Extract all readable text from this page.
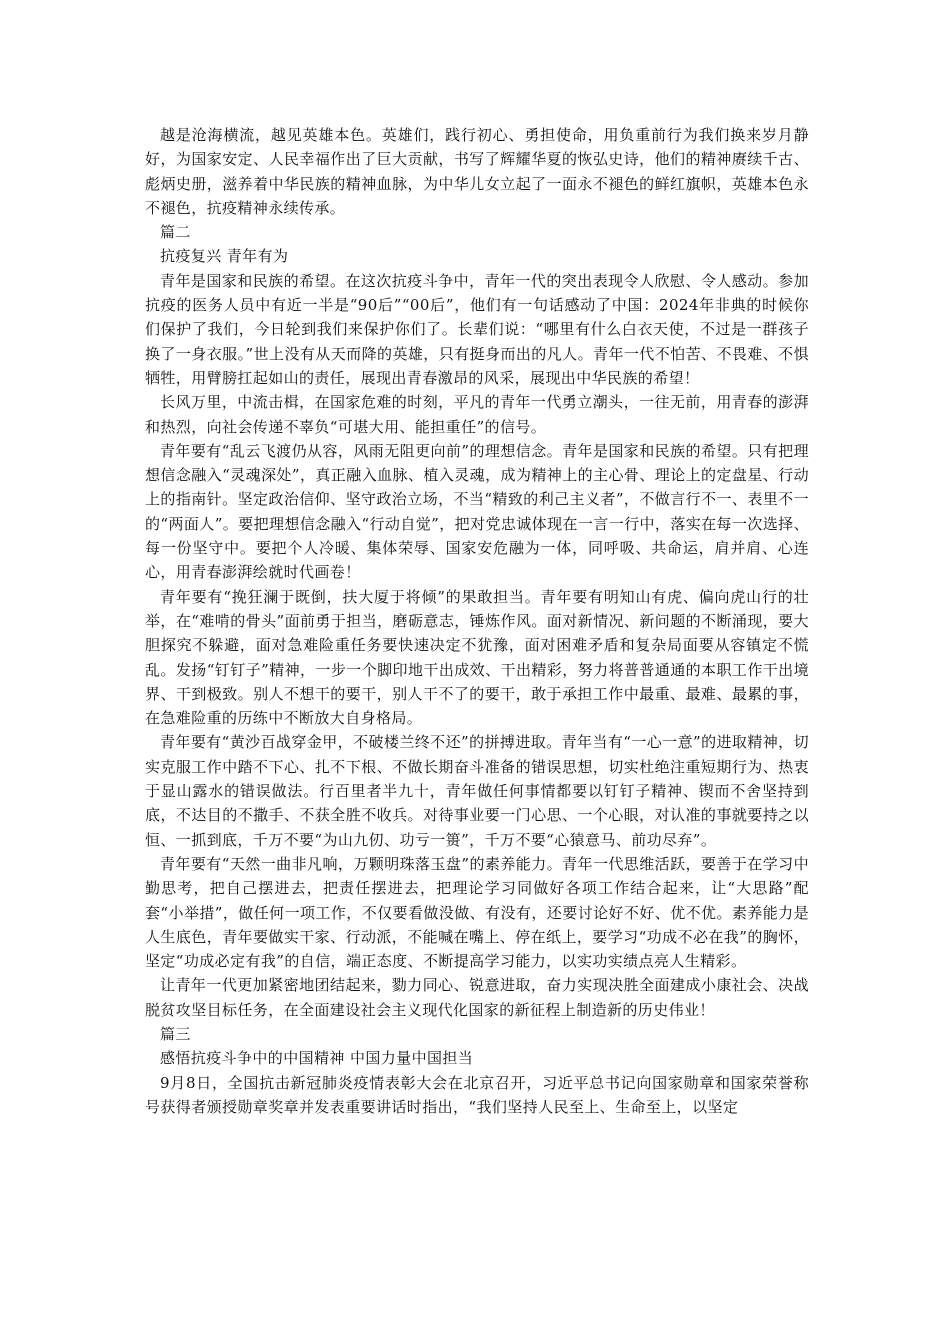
越是沧海横流，越见英雄本色。英雄们，践行初心、勇担使命，用负重前行为我们换来岁月静好，为国家安定、人民幸福作出了巨大贡献，书写了辉耀华夏的恢弘史诗，他们的精神赓续千古、彪炳史册，滋养着中华民族的精神血脉，为中华儿女立起了一面永不褪色的鲜红旗帜，英雄本色永不褪色，抗疫精神永续传承。

篇二

抗疫复兴 青年有为

青年是国家和民族的希望。在这次抗疫斗争中，青年一代的突出表现令人欣慰、令人感动。参加抗疫的医务人员中有近一半是“90后”“00后”，他们有一句话感动了中国：2024年非典的时候你们保护了我们，今日轮到我们来保护你们了。长辈们说：“哪里有什么白衣天使，不过是一群孩子换了一身衣服。”世上没有从天而降的英雄，只有挺身而出的凡人。青年一代不怕苦、不畏难、不惧牺牲，用臂膀扛起如山的责任，展现出青春激昂的风采，展现出中华民族的希望！

长风万里，中流击楫，在国家危难的时刻，平凡的青年一代勇立潮头，一往无前，用青春的澎湃和热烈，向社会传递不辜负“可堪大用、能担重任”的信号。

青年要有“乱云飞渡仍从容，风雨无阻更向前”的理想信念。青年是国家和民族的希望。只有把理想信念融入“灵魂深处”，真正融入血脉、植入灵魂，成为精神上的主心骨、理论上的定盘星、行动上的指南针。坚定政治信仰、坚守政治立场，不当“精致的利己主义者”，不做言行不一、表里不一的“两面人”。要把理想信念融入“行动自觉”，把对党忠诚体现在一言一行中，落实在每一次选择、每一份坚守中。要把个人冷暖、集体荣辱、国家安危融为一体，同呼吸、共命运，肩并肩、心连心，用青春澎湃绘就时代画卷！

青年要有“挽狂澜于既倒，扶大厦于将倾”的果敢担当。青年要有明知山有虎、偏向虎山行的壮举，在“难啃的骨头”面前勇于担当，磨砺意志，锤炼作风。面对新情况、新问题的不断涌现，要大胆探究不躲避，面对急难险重任务要快速决定不犹豫，面对困难矛盾和复杂局面要从容镇定不慌乱。发扬“钉钉子”精神，一步一个脚印地干出成效、干出精彩，努力将普普通通的本职工作干出境界、干到极致。别人不想干的要干，别人干不了的要干，敢于承担工作中最重、最难、最累的事，在急难险重的历练中不断放大自身格局。

青年要有“黄沙百战穿金甲，不破楼兰终不还”的拼搏进取。青年当有“一心一意”的进取精神，切实克服工作中踏不下心、扎不下根、不做长期奋斗准备的错误思想，切实杜绝注重短期行为、热衷于显山露水的错误做法。行百里者半九十，青年做任何事情都要以钉钉子精神、锲而不舍坚持到底，不达目的不撒手、不获全胜不收兵。对待事业要一门心思、一个心眼，对认准的事就要持之以恒、一抓到底，千万不要“为山九仞、功亏一篑”，千万不要“心猿意马、前功尽弃”。

青年要有“天然一曲非凡响，万颗明珠落玉盘”的素养能力。青年一代思维活跃，要善于在学习中勤思考，把自己摆进去，把责任摆进去，把理论学习同做好各项工作结合起来，让“大思路”配套“小举措”，做任何一项工作，不仅要看做没做、有没有，还要讨论好不好、优不优。素养能力是人生底色，青年要做实干家、行动派，不能喊在嘴上、停在纸上，要学习“功成不必在我”的胸怀，坚定“功成必定有我”的自信，端正态度、不断提高学习能力，以实功实绩点亮人生精彩。

让青年一代更加紧密地团结起来，勠力同心、锐意进取，奋力实现决胜全面建成小康社会、决战脱贫攻坚目标任务，在全面建设社会主义现代化国家的新征程上制造新的历史伟业！

篇三

感悟抗疫斗争中的中国精神 中国力量中国担当

9月8日，全国抗击新冠肺炎疫情表彰大会在北京召开，习近平总书记向国家勋章和国家荣誉称号获得者颁授勋章奖章并发表重要讲话时指出，“我们坚持人民至上、生命至上，以坚定
